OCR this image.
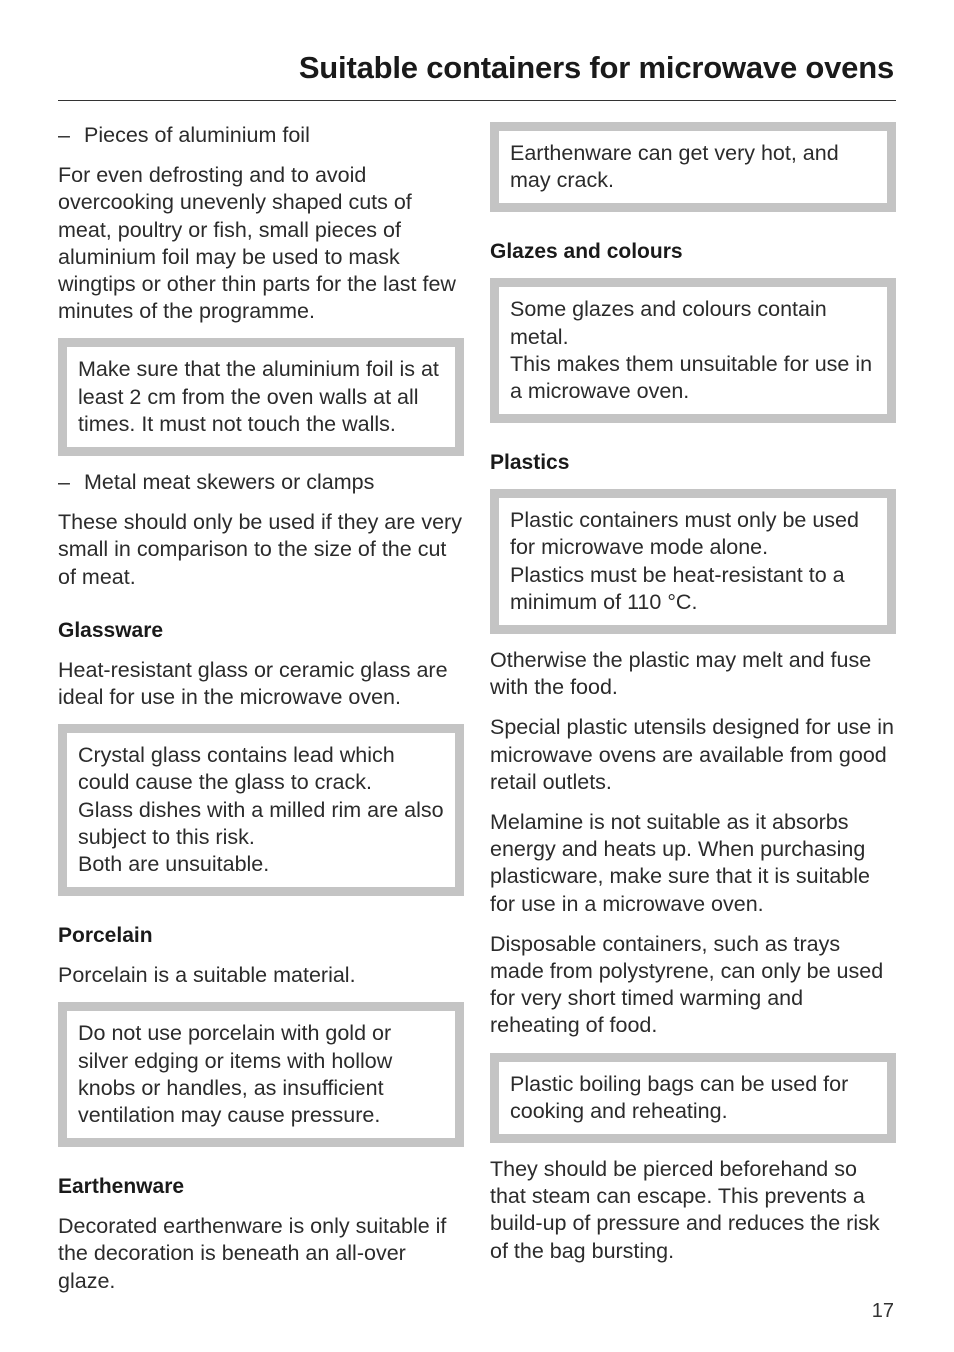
Suitable containers for microwave ovens
– Pieces of aluminium foil

For even defrosting and to avoid overcooking unevenly shaped cuts of meat, poultry or fish, small pieces of aluminium foil may be used to mask wingtips or other thin parts for the last few minutes of the programme.

Make sure that the aluminium foil is at least 2 cm from the oven walls at all times. It must not touch the walls.
– Metal meat skewers or clamps

These should only be used if they are very small in comparison to the size of the cut of meat.

Glassware

Heat-resistant glass or ceramic glass are ideal for use in the microwave oven.

Crystal glass contains lead which could cause the glass to crack.
Glass dishes with a milled rim are also subject to this risk.
Both are unsuitable.
Porcelain

Porcelain is a suitable material.

Do not use porcelain with gold or silver edging or items with hollow knobs or handles, as insufficient ventilation may cause pressure.
Earthenware

Decorated earthenware is only suitable if the decoration is beneath an all-over glaze.

Earthenware can get very hot, and may crack.
Glazes and colours
Some glazes and colours contain metal.
This makes them unsuitable for use in a microwave oven.
Plastics
Plastic containers must only be used for microwave mode alone.
Plastics must be heat-resistant to a minimum of 110 °C.

Otherwise the plastic may melt and fuse with the food.

Special plastic utensils designed for use in microwave ovens are available from good retail outlets.

Melamine is not suitable as it absorbs energy and heats up. When purchasing plasticware, make sure that it is suitable for use in a microwave oven.

Disposable containers, such as trays made from polystyrene, can only be used for very short timed warming and reheating of food.

Plastic boiling bags can be used for cooking and reheating.

They should be pierced beforehand so that steam can escape. This prevents a build-up of pressure and reduces the risk of the bag bursting.

17
